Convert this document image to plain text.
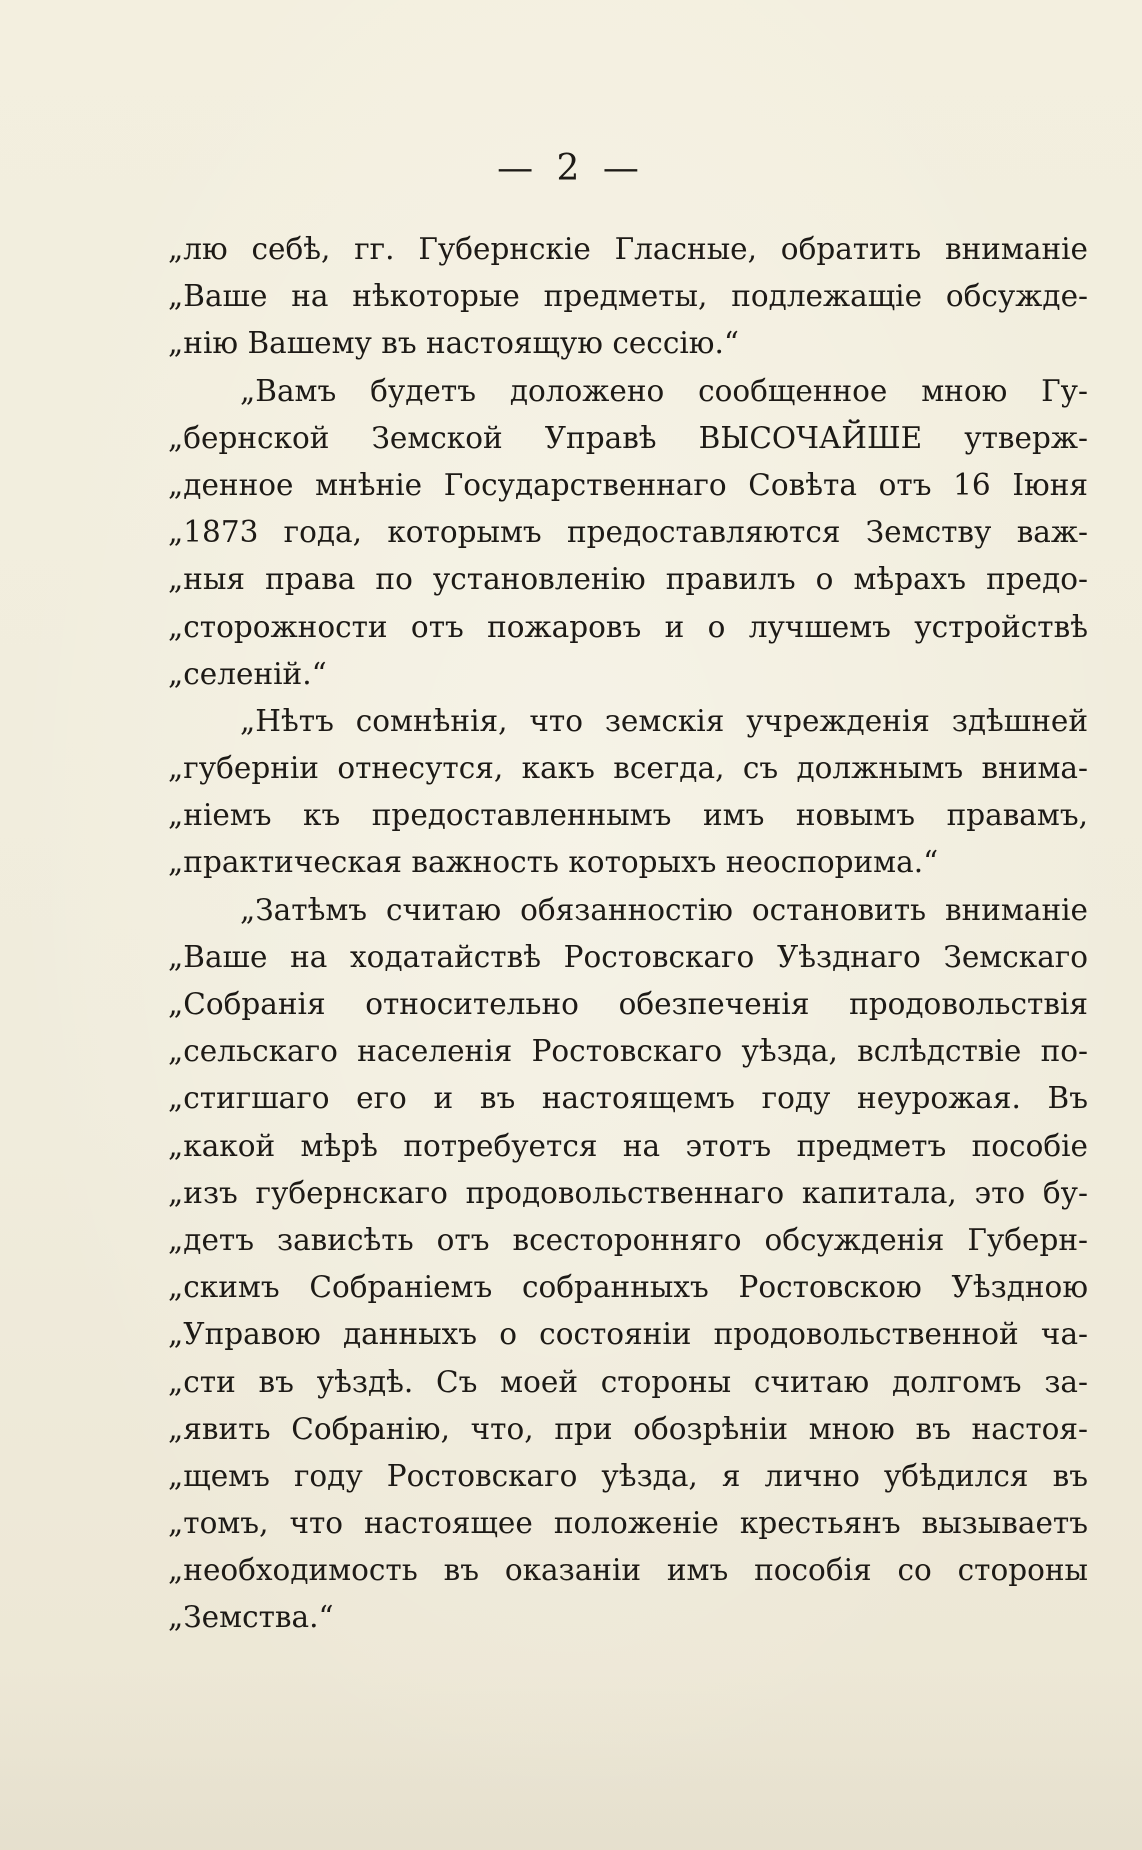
— 2 —
„лю себѣ, гг. Губернскіе Гласные, обратить вниманіе
„Ваше на нѣкоторые предметы, подлежащіе обсужде-
„нію Вашему въ настоящую сессію.“
„Вамъ будетъ доложено сообщенное мною Гу-
„бернской Земской Управѣ ВЫСОЧАЙШЕ утверж-
„денное мнѣніе Государственнаго Совѣта отъ 16 Іюня
„1873 года, которымъ предоставляются Земству важ-
„ныя права по установленію правилъ о мѣрахъ предо-
„сторожности отъ пожаровъ и о лучшемъ устройствѣ
„селеній.“
„Нѣтъ сомнѣнія, что земскія учрежденія здѣшней
„губерніи отнесутся, какъ всегда, съ должнымъ внима-
„ніемъ къ предоставленнымъ имъ новымъ правамъ,
„практическая важность которыхъ неоспорима.“
„Затѣмъ считаю обязанностію остановить вниманіе
„Ваше на ходатайствѣ Ростовскаго Уѣзднаго Земскаго
„Собранія относительно обезпеченія продовольствія
„сельскаго населенія Ростовскаго уѣзда, вслѣдствіе по-
„стигшаго его и въ настоящемъ году неурожая. Въ
„какой мѣрѣ потребуется на этотъ предметъ пособіе
„изъ губернскаго продовольственнаго капитала, это бу-
„детъ зависѣть отъ всесторонняго обсужденія Губерн-
„скимъ Собраніемъ собранныхъ Ростовскою Уѣздною
„Управою данныхъ о состояніи продовольственной ча-
„сти въ уѣздѣ. Съ моей стороны считаю долгомъ за-
„явить Собранію, что, при обозрѣніи мною въ настоя-
„щемъ году Ростовскаго уѣзда, я лично убѣдился въ
„томъ, что настоящее положеніе крестьянъ вызываетъ
„необходимость въ оказаніи имъ пособія со стороны
„Земства.“
